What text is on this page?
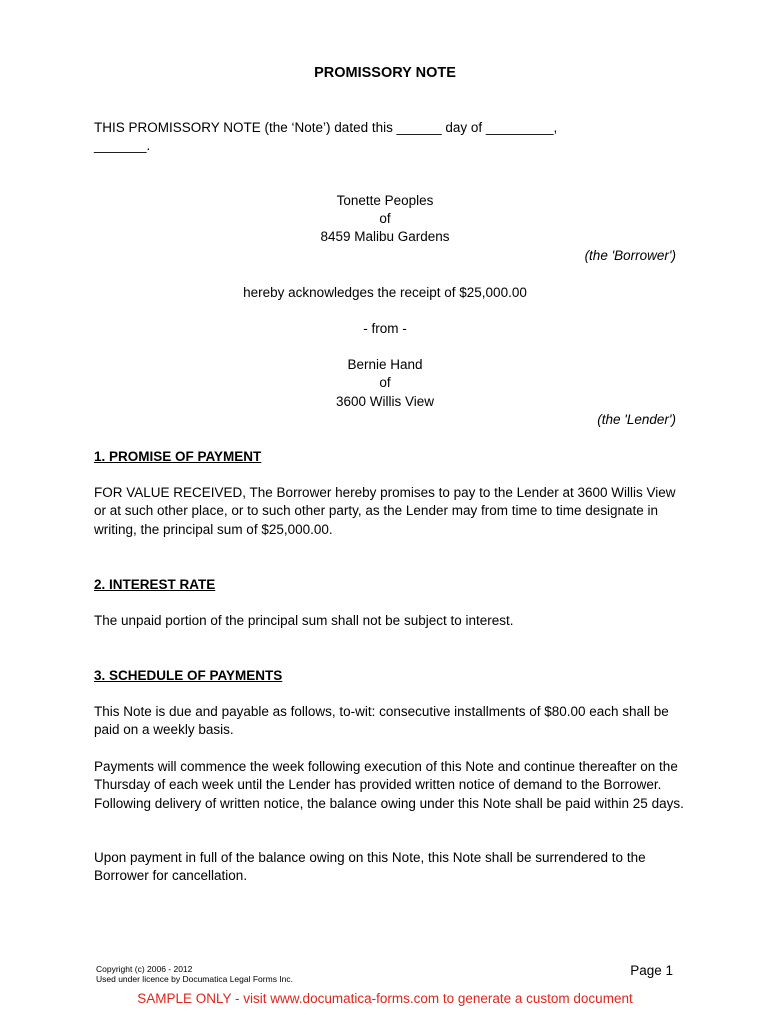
PROMISSORY NOTE
THIS PROMISSORY NOTE (the ‘Note’) dated this ______ day of _________,
_______.
Tonette Peoples
of
8459 Malibu Gardens
(the 'Borrower')
hereby acknowledges the receipt of $25,000.00
- from -
Bernie Hand
of
3600 Willis View
(the 'Lender')
1. PROMISE OF PAYMENT
FOR VALUE RECEIVED, The Borrower hereby promises to pay to the Lender at 3600 Willis View or at such other place, or to such other party, as the Lender may from time to time designate in writing, the principal sum of $25,000.00.
2. INTEREST RATE
The unpaid portion of the principal sum shall not be subject to interest.
3. SCHEDULE OF PAYMENTS
This Note is due and payable as follows, to-wit: consecutive installments of $80.00 each shall be paid on a weekly basis.
Payments will commence the week following execution of this Note and continue thereafter on the Thursday of each week until the Lender has provided written notice of demand to the Borrower. Following delivery of written notice, the balance owing under this Note shall be paid within 25 days.
Upon payment in full of the balance owing on this Note, this Note shall be surrendered to the Borrower for cancellation.
Copyright (c) 2006 - 2012
Used under licence by Documatica Legal Forms Inc.
Page 1
SAMPLE ONLY - visit www.documatica-forms.com to generate a custom document
